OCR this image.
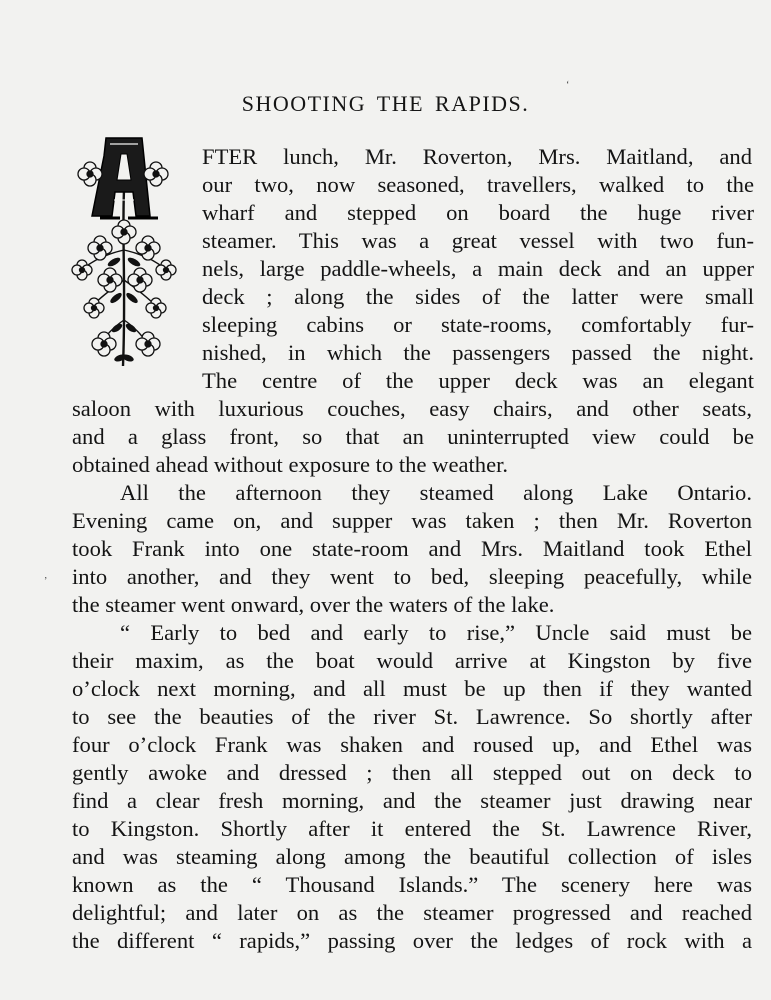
SHOOTING THE RAPIDS.
FTER lunch, Mr. Roverton, Mrs. Maitland, and
our two, now seasoned, travellers, walked to the
wharf and stepped on board the huge river
steamer. This was a great vessel with two fun-
nels, large paddle-wheels, a main deck and an upper
deck ; along the sides of the latter were small
sleeping cabins or state-rooms, comfortably fur-
nished, in which the passengers passed the night.
The centre of the upper deck was an elegant
saloon with luxurious couches, easy chairs, and other seats,
and a glass front, so that an uninterrupted view could be
obtained ahead without exposure to the weather.
All the afternoon they steamed along Lake Ontario.
Evening came on, and supper was taken ; then Mr. Roverton
took Frank into one state-room and Mrs. Maitland took Ethel
into another, and they went to bed, sleeping peacefully, while
the steamer went onward, over the waters of the lake.
“ Early to bed and early to rise,” Uncle said must be
their maxim, as the boat would arrive at Kingston by five
o’clock next morning, and all must be up then if they wanted
to see the beauties of the river St. Lawrence. So shortly after
four o’clock Frank was shaken and roused up, and Ethel was
gently awoke and dressed ; then all stepped out on deck to
find a clear fresh morning, and the steamer just drawing near
to Kingston. Shortly after it entered the St. Lawrence River,
and was steaming along among the beautiful collection of isles
known as the “ Thousand Islands.” The scenery here was
delightful; and later on as the steamer progressed and reached
the different “ rapids,” passing over the ledges of rock with a
‘
’
